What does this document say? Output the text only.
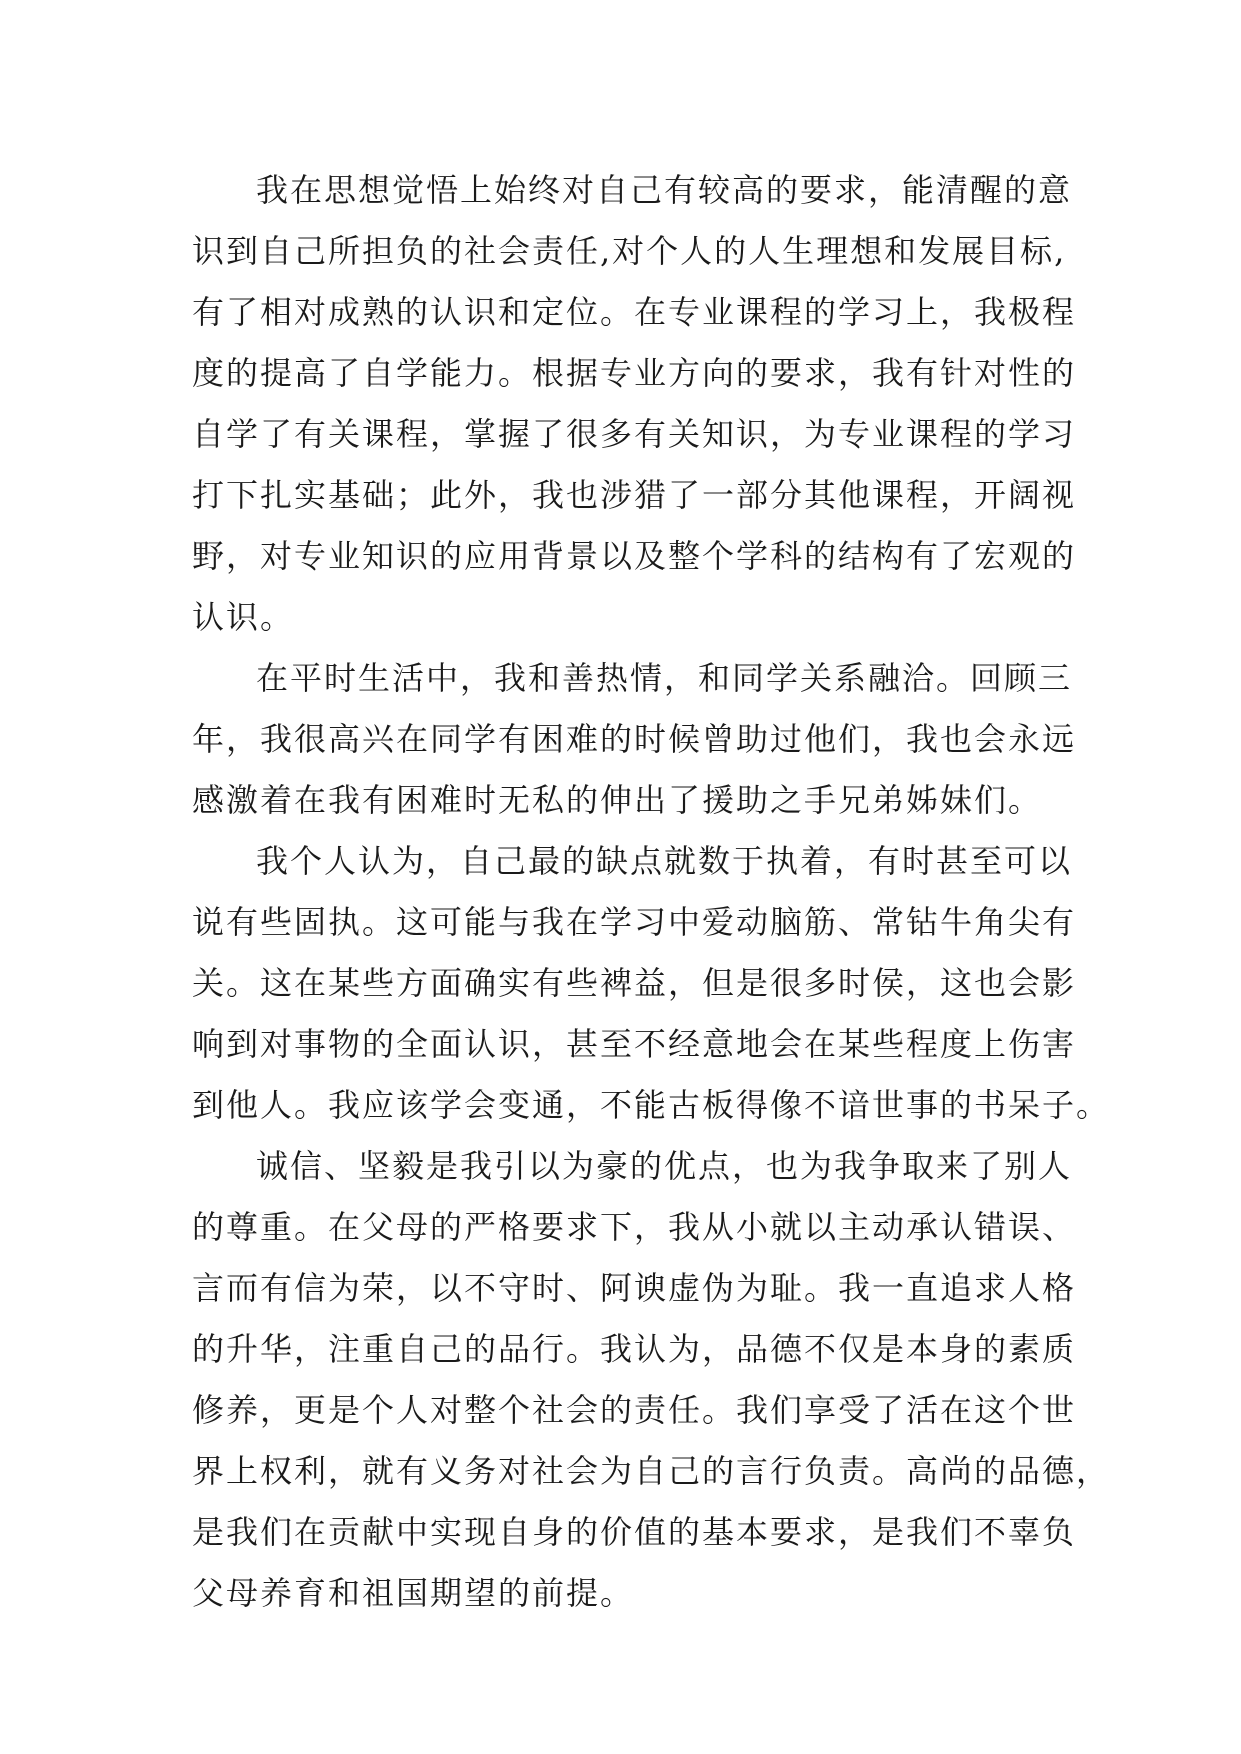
我在思想觉悟上始终对自己有较高的要求，能清醒的意
识到自己所担负的社会责任,对个人的人生理想和发展目标,
有了相对成熟的认识和定位。在专业课程的学习上，我极程
度的提高了自学能力。根据专业方向的要求，我有针对性的
自学了有关课程，掌握了很多有关知识，为专业课程的学习
打下扎实基础；此外，我也涉猎了一部分其他课程，开阔视
野，对专业知识的应用背景以及整个学科的结构有了宏观的
认识。
在平时生活中，我和善热情，和同学关系融洽。回顾三
年，我很高兴在同学有困难的时候曾助过他们，我也会永远
感激着在我有困难时无私的伸出了援助之手兄弟姊妹们。
我个人认为，自己最的缺点就数于执着，有时甚至可以
说有些固执。这可能与我在学习中爱动脑筋、常钻牛角尖有
关。这在某些方面确实有些裨益，但是很多时侯，这也会影
响到对事物的全面认识，甚至不经意地会在某些程度上伤害
到他人。我应该学会变通，不能古板得像不谙世事的书呆子。
诚信、坚毅是我引以为豪的优点，也为我争取来了别人
的尊重。在父母的严格要求下，我从小就以主动承认错误、
言而有信为荣，以不守时、阿谀虚伪为耻。我一直追求人格
的升华，注重自己的品行。我认为，品德不仅是本身的素质
修养，更是个人对整个社会的责任。我们享受了活在这个世
界上权利，就有义务对社会为自己的言行负责。高尚的品德，
是我们在贡献中实现自身的价值的基本要求，是我们不辜负
父母养育和祖国期望的前提。
